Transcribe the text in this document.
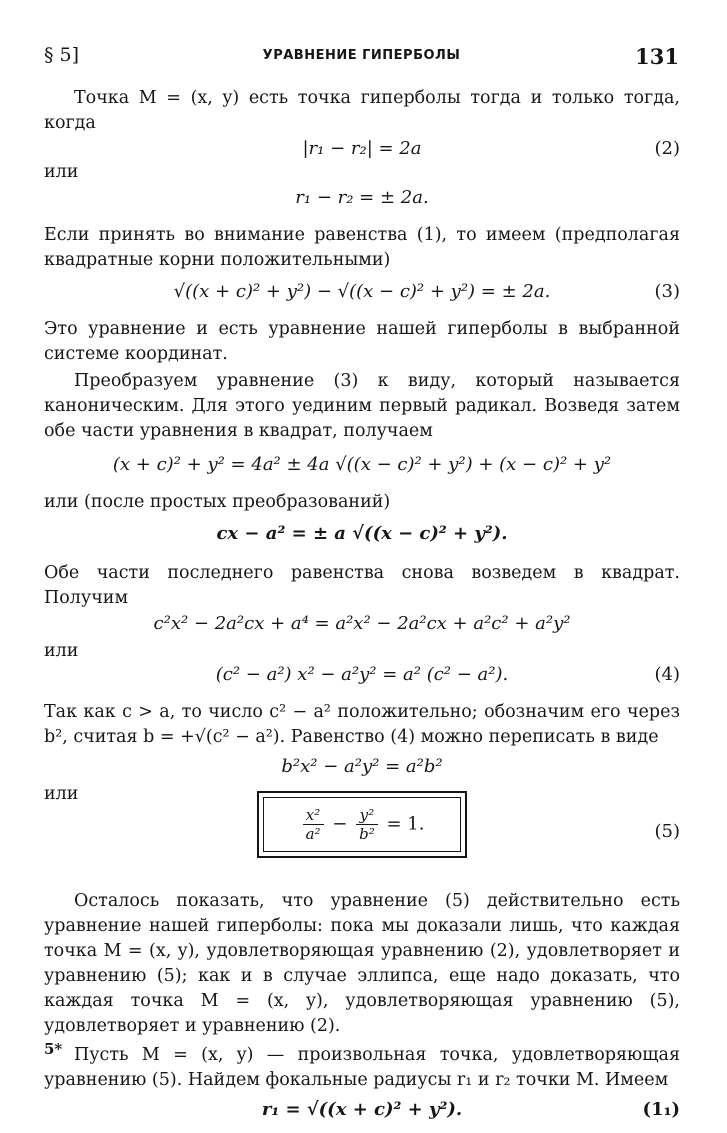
§ 5]	УРАВНЕНИЕ ГИПЕРБОЛЫ	131

Точка M = (x, y) есть точка гиперболы тогда и только тогда, когда

|r₁ − r₂| = 2a	(2)

или

r₁ − r₂ = ± 2a.

Если принять во внимание равенства (1), то имеем (предполагая квадратные корни положительными)

√((x + c)² + y²) − √((x − c)² + y²) = ± 2a.	(3)

Это уравнение и есть уравнение нашей гиперболы в выбранной системе координат.

Преобразуем уравнение (3) к виду, который называется каноническим. Для этого уединим первый радикал. Возведя затем обе части уравнения в квадрат, получаем

(x + c)² + y² = 4a² ± 4a √((x − c)² + y²) + (x − c)² + y²

или (после простых преобразований)

cx − a² = ± a √((x − c)² + y²).

Обе части последнего равенства снова возведем в квадрат. Получим

c²x² − 2a²cx + a⁴ = a²x² − 2a²cx + a²c² + a²y²

или

(c² − a²) x² − a²y² = a² (c² − a²).	(4)

Так как c > a, то число c² − a² положительно; обозначим его через b², считая b = +√(c² − a²). Равенство (4) можно переписать в виде

b²x² − a²y² = a²b²

или

$\frac{\text{x²}}{\text{a²}} - \frac{\text{y²}}{\text{b²}} = 1$.	(5)

Осталось показать, что уравнение (5) действительно есть уравнение нашей гиперболы: пока мы доказали лишь, что каждая точка M = (x, y), удовлетворяющая уравнению (2), удовлетворяет и уравнению (5); как и в случае эллипса, еще надо доказать, что каждая точка M = (x, y), удовлетворяющая уравнению (5), удовлетворяет и уравнению (2).

Пусть M = (x, y) — произвольная точка, удовлетворяющая уравнению (5). Найдем фокальные радиусы r₁ и r₂ точки M. Имеем

r₁ = √((x + c)² + y²).	(1₁)
5*
